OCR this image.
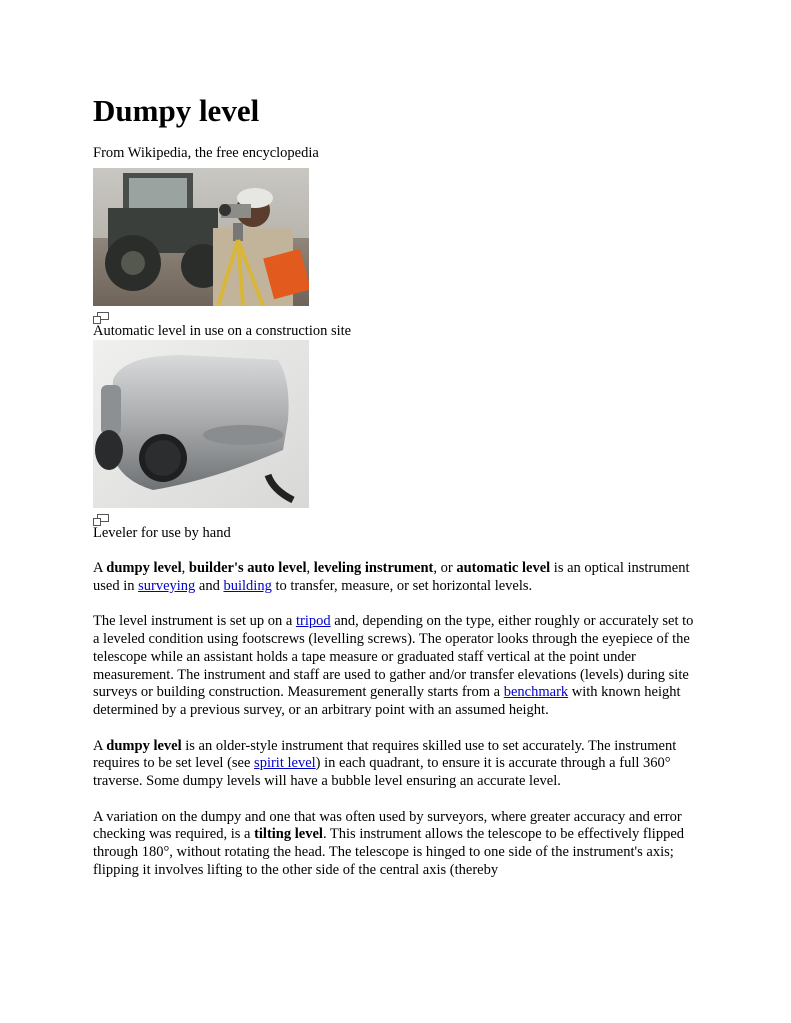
Dumpy level
From Wikipedia, the free encyclopedia
Automatic level in use on a construction site
Leveler for use by hand

A dumpy level, builder's auto level, leveling instrument, or automatic level is an optical instrument used in surveying and building to transfer, measure, or set horizontal levels.

The level instrument is set up on a tripod and, depending on the type, either roughly or accurately set to a leveled condition using footscrews (levelling screws). The operator looks through the eyepiece of the telescope while an assistant holds a tape measure or graduated staff vertical at the point under measurement. The instrument and staff are used to gather and/or transfer elevations (levels) during site surveys or building construction. Measurement generally starts from a benchmark with known height determined by a previous survey, or an arbitrary point with an assumed height.

A dumpy level is an older-style instrument that requires skilled use to set accurately. The instrument requires to be set level (see spirit level) in each quadrant, to ensure it is accurate through a full 360° traverse. Some dumpy levels will have a bubble level ensuring an accurate level.

A variation on the dumpy and one that was often used by surveyors, where greater accuracy and error checking was required, is a tilting level. This instrument allows the telescope to be effectively flipped through 180°, without rotating the head. The telescope is hinged to one side of the instrument's axis; flipping it involves lifting to the other side of the central axis (thereby
